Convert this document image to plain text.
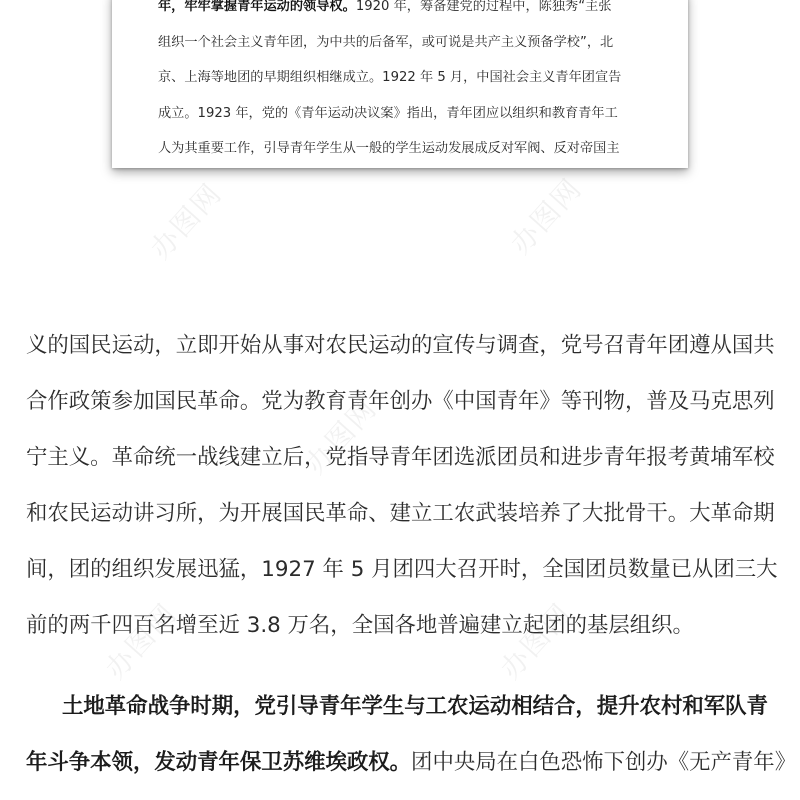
年，牢牢掌握青年运动的领导权。1920 年，筹备建党的过程中，陈独秀“主张
组织一个社会主义青年团，为中共的后备军，或可说是共产主义预备学校”，北
京、上海等地团的早期组织相继成立。1922 年 5 月，中国社会主义青年团宣告
成立。1923 年，党的《青年运动决议案》指出，青年团应以组织和教育青年工
人为其重要工作，引导青年学生从一般的学生运动发展成反对军阀、反对帝国主
义的国民运动，立即开始从事对农民运动的宣传与调查，党号召青年团遵从国共
合作政策参加国民革命。党为教育青年创办《中国青年》等刊物，普及马克思列
宁主义。革命统一战线建立后，党指导青年团选派团员和进步青年报考黄埔军校
和农民运动讲习所，为开展国民革命、建立工农武装培养了大批骨干。大革命期
间，团的组织发展迅猛，1927 年 5 月团四大召开时，全国团员数量已从团三大
前的两千四百名增至近 3.8 万名，全国各地普遍建立起团的基层组织。
土地革命战争时期，党引导青年学生与工农运动相结合，提升农村和军队青
年斗争本领，发动青年保卫苏维埃政权。团中央局在白色恐怖下创办《无产青年》
办图网	办图网
办图网
办图网	办图网
